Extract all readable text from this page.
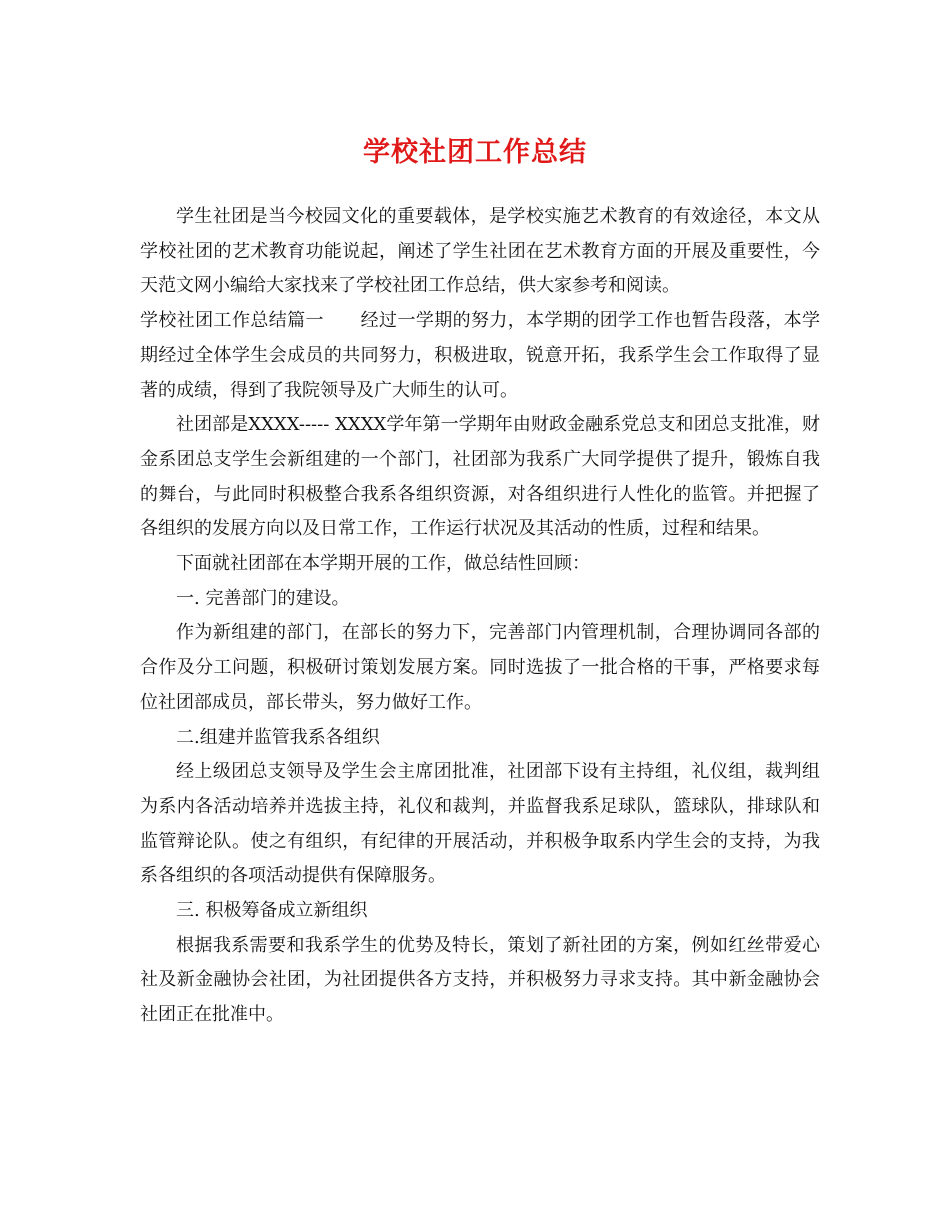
学校社团工作总结

学生社团是当今校园文化的重要载体，是学校实施艺术教育的有效途径，本文从学校社团的艺术教育功能说起，阐述了学生社团在艺术教育方面的开展及重要性，今天范文网小编给大家找来了学校社团工作总结，供大家参考和阅读。

学校社团工作总结篇一　　经过一学期的努力，本学期的团学工作也暂告段落，本学期经过全体学生会成员的共同努力，积极进取，锐意开拓，我系学生会工作取得了显著的成绩，得到了我院领导及广大师生的认可。

社团部是XXXX----- XXXX学年第一学期年由财政金融系党总支和团总支批准，财金系团总支学生会新组建的一个部门，社团部为我系广大同学提供了提升，锻炼自我的舞台，与此同时积极整合我系各组织资源，对各组织进行人性化的监管。并把握了各组织的发展方向以及日常工作，工作运行状况及其活动的性质，过程和结果。

下面就社团部在本学期开展的工作，做总结性回顾：

一. 完善部门的建设。

作为新组建的部门，在部长的努力下，完善部门内管理机制，合理协调同各部的合作及分工问题，积极研讨策划发展方案。同时选拔了一批合格的干事，严格要求每位社团部成员，部长带头，努力做好工作。

二.组建并监管我系各组织

经上级团总支领导及学生会主席团批准，社团部下设有主持组，礼仪组，裁判组为系内各活动培养并选拔主持，礼仪和裁判，并监督我系足球队，篮球队，排球队和监管辩论队。使之有组织，有纪律的开展活动，并积极争取系内学生会的支持，为我系各组织的各项活动提供有保障服务。

三. 积极筹备成立新组织

根据我系需要和我系学生的优势及特长，策划了新社团的方案，例如红丝带爱心社及新金融协会社团，为社团提供各方支持，并积极努力寻求支持。其中新金融协会社团正在批准中。
